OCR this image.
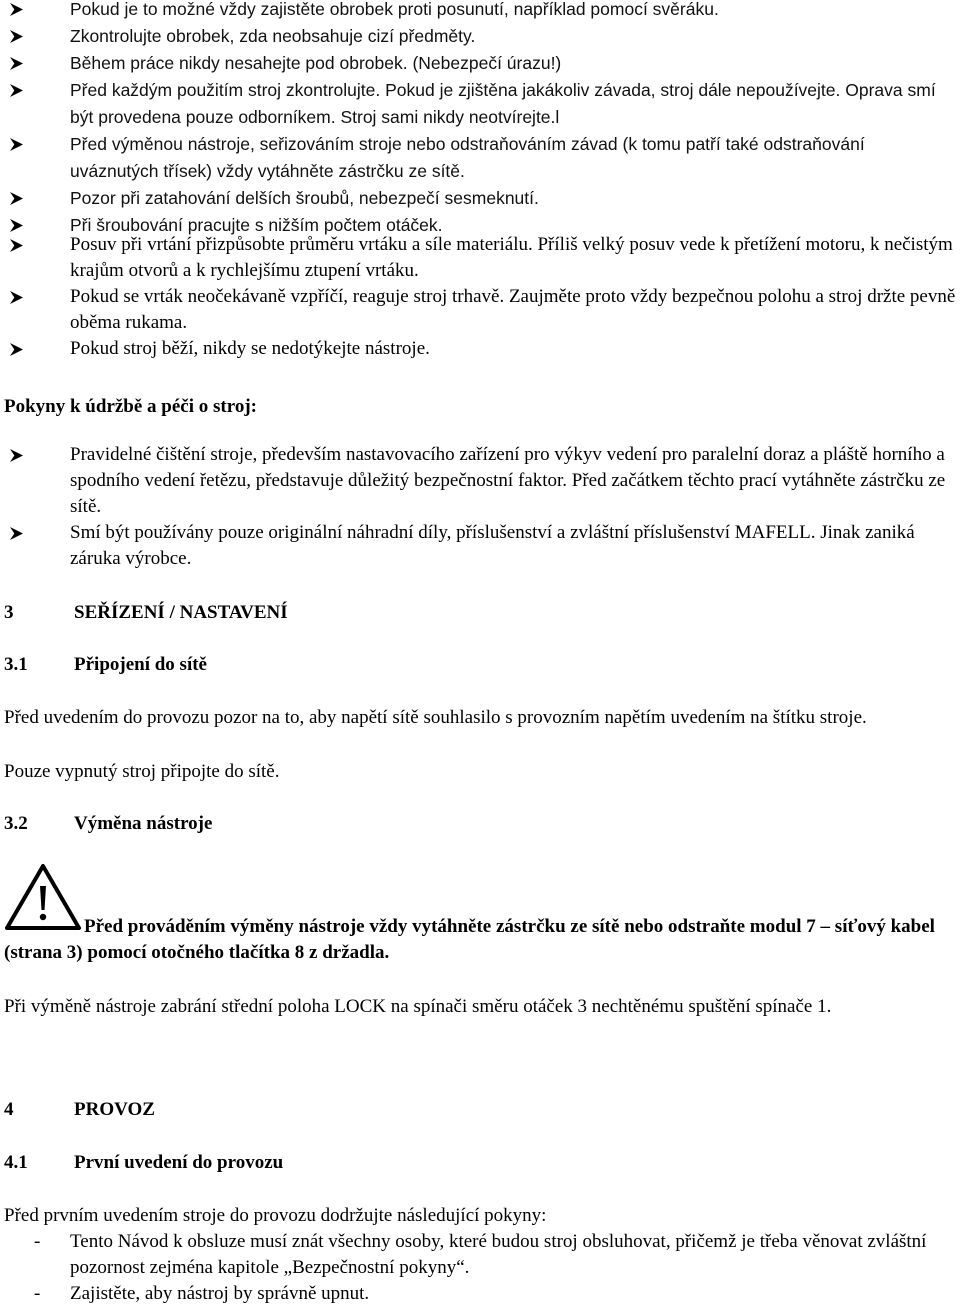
Pokud je to možné vždy zajistěte obrobek proti posunutí, například pomocí svěráku.
Zkontrolujte obrobek, zda neobsahuje cizí předměty.
Během práce nikdy nesahejte pod obrobek. (Nebezpečí úrazu!)
Před každým použitím stroj zkontrolujte. Pokud je zjištěna jakákoliv závada, stroj dále nepoužívejte. Oprava smí být provedena pouze odborníkem. Stroj sami nikdy neotvírejte.l
Před výměnou nástroje, seřizováním stroje nebo odstraňováním závad (k tomu patří také odstraňování uváznutých třísek) vždy vytáhněte zástrčku ze sítě.
Pozor při zatahování delších šroubů, nebezpečí sesmeknutí.
Při šroubování pracujte s nižším počtem otáček.
Posuv při vrtání přizpůsobte průměru vrtáku a síle materiálu. Příliš velký posuv vede k přetížení motoru, k nečistým krajům otvorů a k rychlejšímu ztupení vrtáku.
Pokud se vrták neočekávaně vzpříčí, reaguje stroj trhavě. Zaujměte proto vždy bezpečnou polohu a stroj držte pevně oběma rukama.
Pokud stroj běží, nikdy se nedotýkejte nástroje.
Pokyny k údržbě a péči o stroj:
Pravidelné čištění stroje, především nastavovacího zařízení pro výkyv vedení pro paralelní doraz a pláště horního a spodního vedení řetězu, představuje důležitý bezpečnostní faktor. Před začátkem těchto prací vytáhněte zástrčku ze sítě.
Smí být používány pouze originální náhradní díly, příslušenství a zvláštní příslušenství MAFELL. Jinak zaniká záruka výrobce.
3	SEŘÍZENÍ / NASTAVENÍ
3.1 Připojení do sítě
Před uvedením do provozu pozor na to, aby napětí sítě souhlasilo s provozním napětím uvedením na štítku stroje.
Pouze vypnutý stroj připojte do sítě.
3.2 Výměna nástroje
Před prováděním výměny nástroje vždy vytáhněte zástrčku ze sítě nebo odstraňte modul 7 – síťový kabel (strana 3) pomocí otočného tlačítka 8 z držadla.
Při výměně nástroje zabrání střední poloha LOCK na spínači směru otáček 3 nechtěnému spuštění spínače 1.
4	PROVOZ
4.1 První uvedení do provozu
Před prvním uvedením stroje do provozu dodržujte následující pokyny:
- Tento Návod k obsluze musí znát všechny osoby, které budou stroj obsluhovat, přičemž je třeba věnovat zvláštní pozornost zejména kapitole „Bezpečnostní pokyny“.
- Zajistěte, aby nástroj by správně upnut.
